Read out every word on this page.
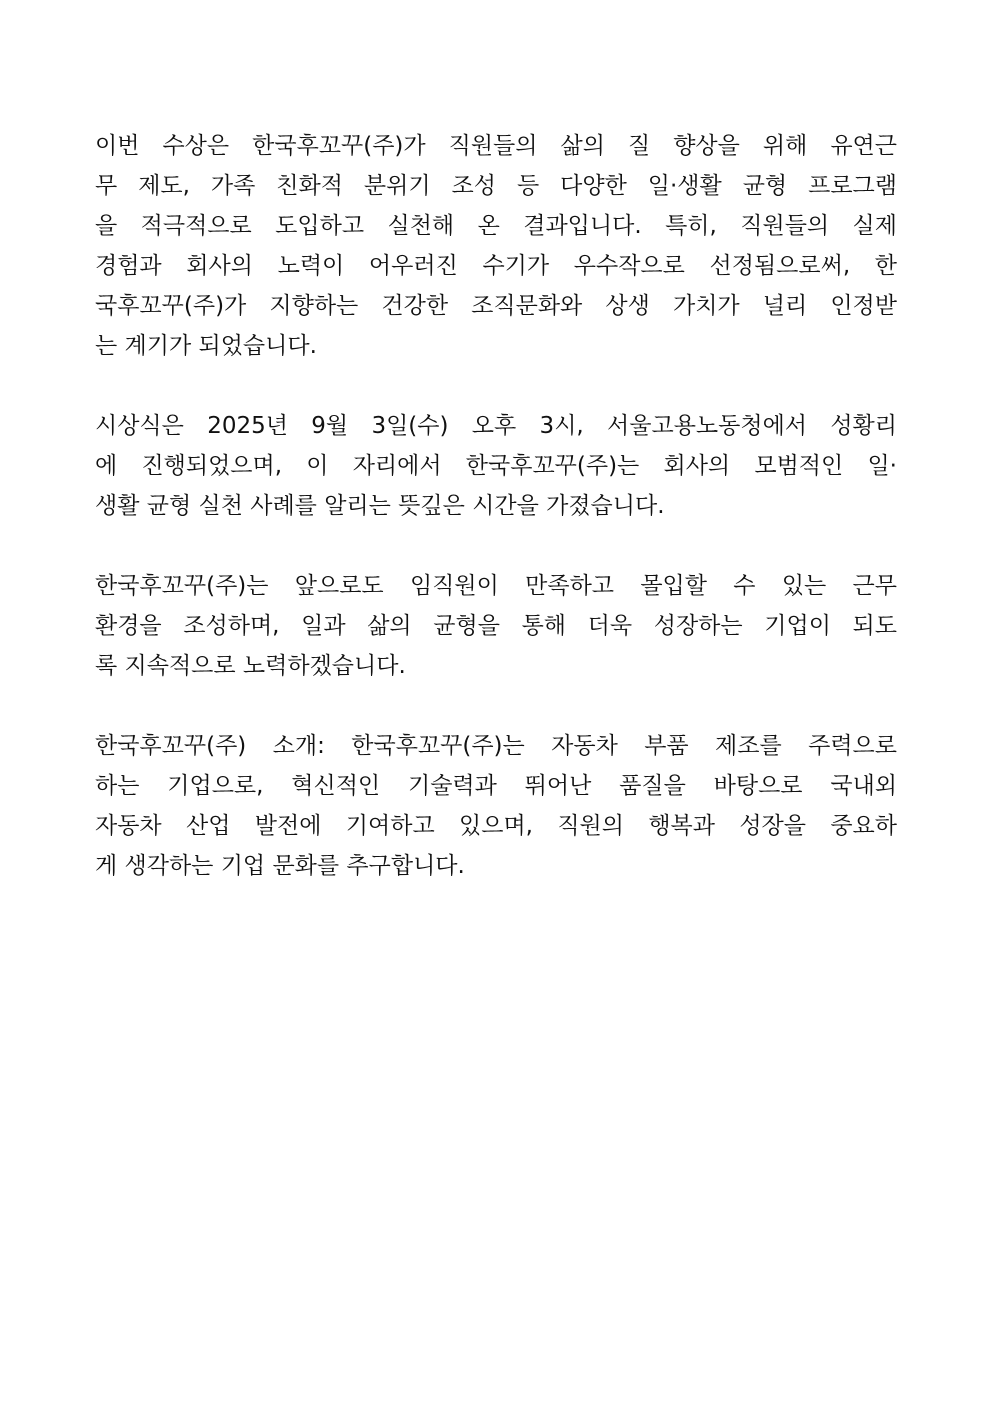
이번 수상은 한국후꼬꾸(주)가 직원들의 삶의 질 향상을 위해 유연근
무 제도, 가족 친화적 분위기 조성 등 다양한 일·생활 균형 프로그램
을 적극적으로 도입하고 실천해 온 결과입니다. 특히, 직원들의 실제
경험과 회사의 노력이 어우러진 수기가 우수작으로 선정됨으로써, 한
국후꼬꾸(주)가 지향하는 건강한 조직문화와 상생 가치가 널리 인정받
는 계기가 되었습니다.

시상식은 2025년 9월 3일(수) 오후 3시, 서울고용노동청에서 성황리
에 진행되었으며, 이 자리에서 한국후꼬꾸(주)는 회사의 모범적인 일·
생활 균형 실천 사례를 알리는 뜻깊은 시간을 가졌습니다.

한국후꼬꾸(주)는 앞으로도 임직원이 만족하고 몰입할 수 있는 근무
환경을 조성하며, 일과 삶의 균형을 통해 더욱 성장하는 기업이 되도
록 지속적으로 노력하겠습니다.

한국후꼬꾸(주) 소개: 한국후꼬꾸(주)는 자동차 부품 제조를 주력으로
하는 기업으로, 혁신적인 기술력과 뛰어난 품질을 바탕으로 국내외
자동차 산업 발전에 기여하고 있으며, 직원의 행복과 성장을 중요하
게 생각하는 기업 문화를 추구합니다.
